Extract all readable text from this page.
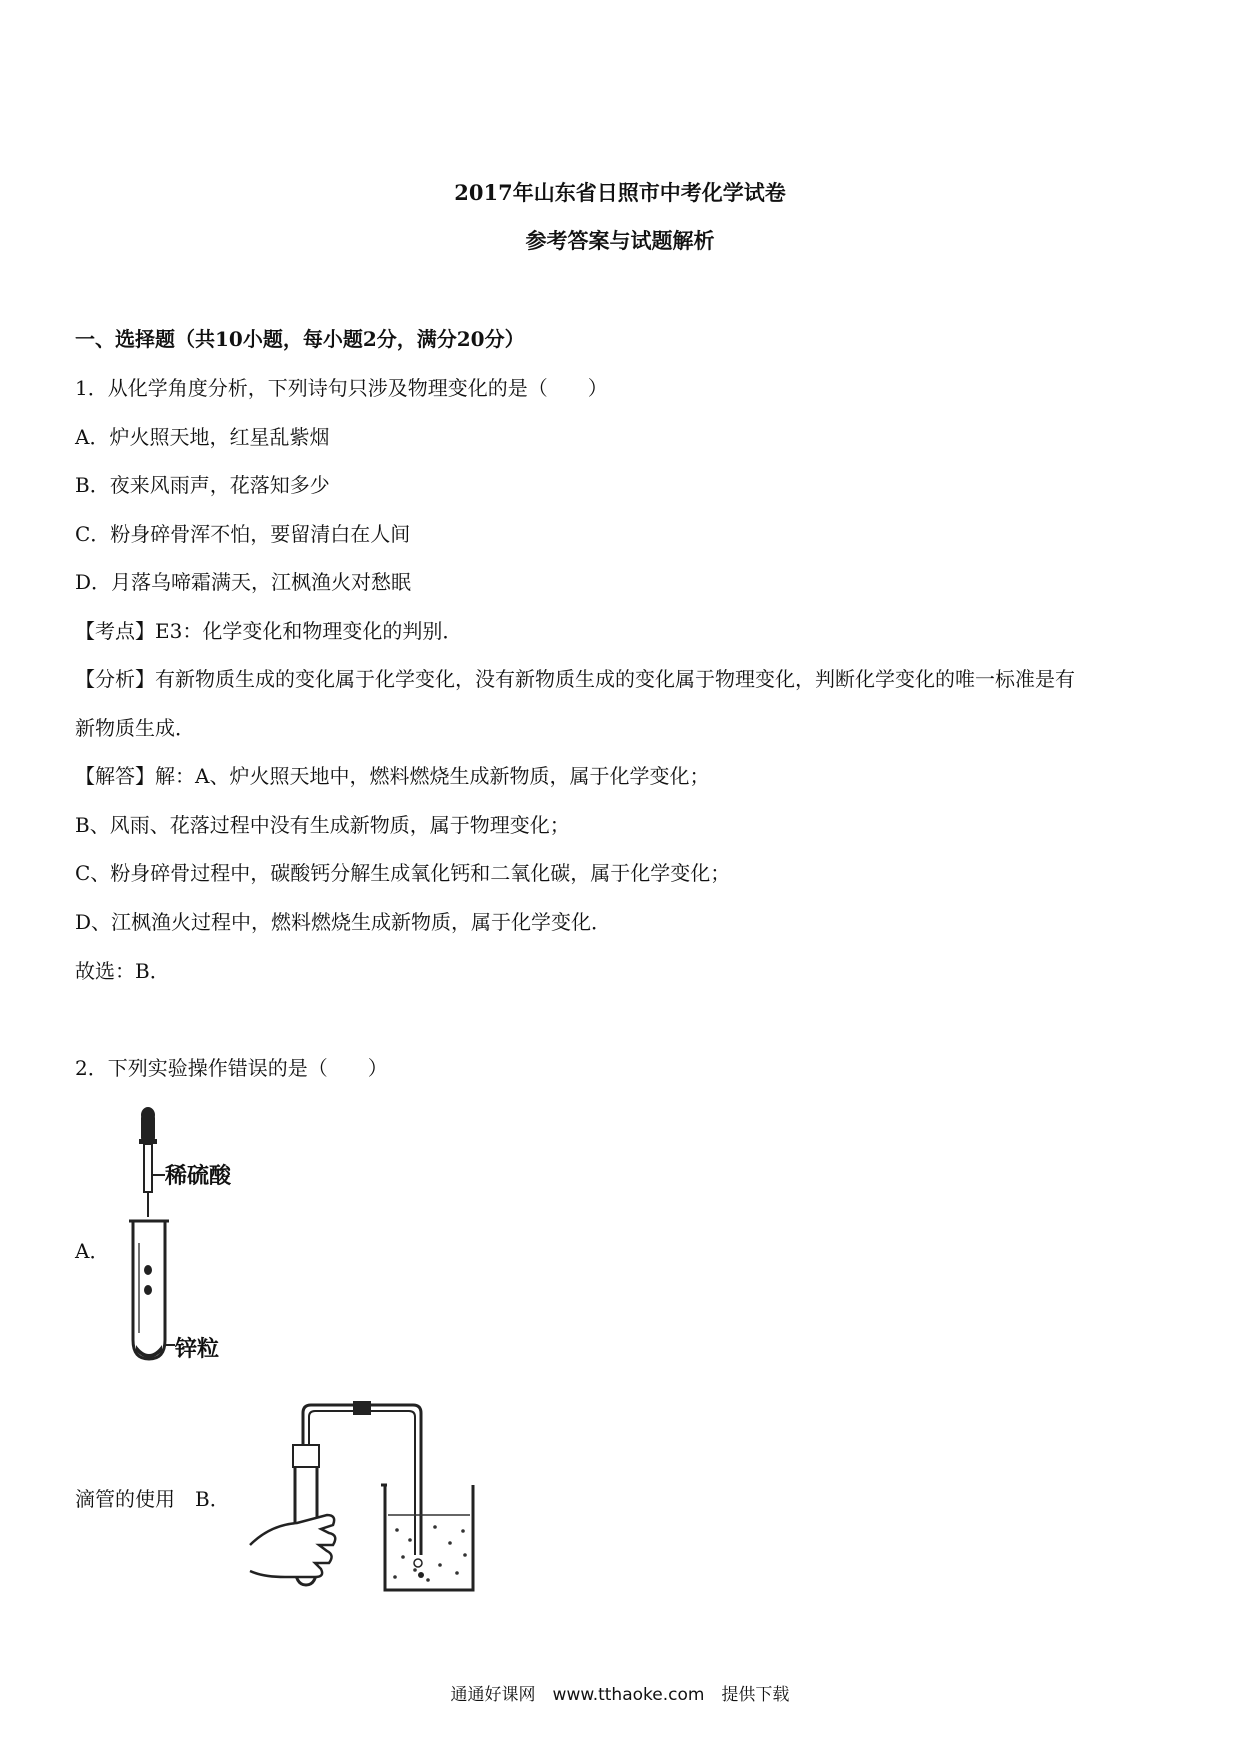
2017年山东省日照市中考化学试卷
参考答案与试题解析
一、选择题（共10小题，每小题2分，满分20分）
1．从化学角度分析，下列诗句只涉及物理变化的是（　　）
A．炉火照天地，红星乱紫烟
B．夜来风雨声，花落知多少
C．粉身碎骨浑不怕，要留清白在人间
D．月落乌啼霜满天，江枫渔火对愁眠
【考点】E3：化学变化和物理变化的判别．
【分析】有新物质生成的变化属于化学变化，没有新物质生成的变化属于物理变化，判断化学变化的唯一标准是有
新物质生成．
【解答】解：A、炉火照天地中，燃料燃烧生成新物质，属于化学变化；
B、风雨、花落过程中没有生成新物质，属于物理变化；
C、粉身碎骨过程中，碳酸钙分解生成氧化钙和二氧化碳，属于化学变化；
D、江枫渔火过程中，燃料燃烧生成新物质，属于化学变化．
故选：B．
2．下列实验操作错误的是（　　）
稀硫酸
锌粒
A．
滴管的使用　B．
通通好课网　www.tthaoke.com　提供下载
